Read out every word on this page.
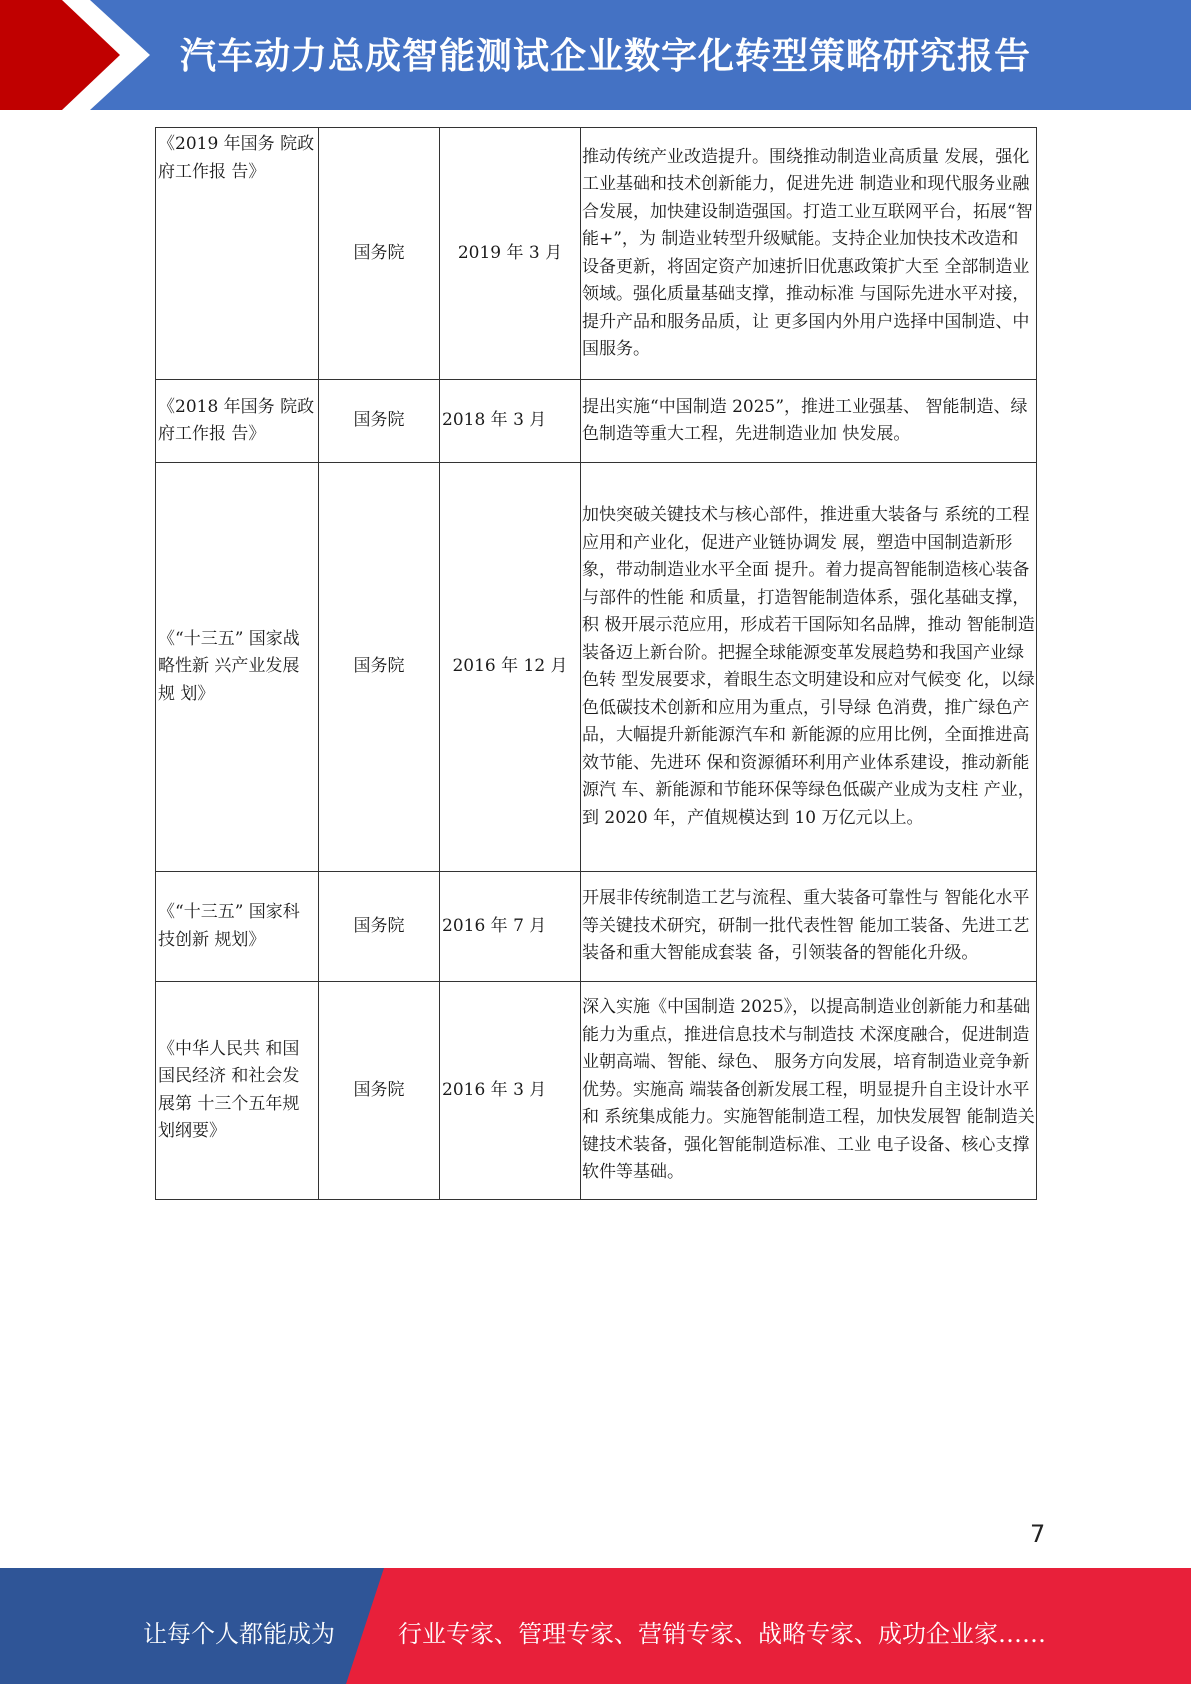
汽车动力总成智能测试企业数字化转型策略研究报告
《2019 年国务 院政府工作报 告》	国务院	2019 年 3 月	推动传统产业改造提升。围绕推动制造业高质量 发展，强化工业基础和技术创新能力，促进先进 制造业和现代服务业融合发展，加快建设制造强国。打造工业互联网平台，拓展“智能+”，为 制造业转型升级赋能。支持企业加快技术改造和 设备更新，将固定资产加速折旧优惠政策扩大至 全部制造业领域。强化质量基础支撑，推动标准 与国际先进水平对接，提升产品和服务品质，让 更多国内外用户选择中国制造、中国服务。
《2018 年国务 院政府工作报 告》	国务院	2018 年 3 月	提出实施“中国制造 2025”，推进工业强基、 智能制造、绿色制造等重大工程，先进制造业加 快发展。
《“十三五” 国家战略性新 兴产业发展规 划》	国务院	2016 年 12 月	加快突破关键技术与核心部件，推进重大装备与 系统的工程应用和产业化，促进产业链协调发 展，塑造中国制造新形象，带动制造业水平全面 提升。着力提高智能制造核心装备与部件的性能 和质量，打造智能制造体系，强化基础支撑，积 极开展示范应用，形成若干国际知名品牌，推动 智能制造装备迈上新台阶。把握全球能源变革发展趋势和我国产业绿色转 型发展要求，着眼生态文明建设和应对气候变 化，以绿色低碳技术创新和应用为重点，引导绿 色消费，推广绿色产品，大幅提升新能源汽车和 新能源的应用比例，全面推进高效节能、先进环 保和资源循环利用产业体系建设，推动新能源汽 车、新能源和节能环保等绿色低碳产业成为支柱 产业，到 2020 年，产值规模达到 10 万亿元以上。
《“十三五” 国家科技创新 规划》	国务院	2016 年 7 月	开展非传统制造工艺与流程、重大装备可靠性与 智能化水平等关键技术研究，研制一批代表性智 能加工装备、先进工艺装备和重大智能成套装 备，引领装备的智能化升级。
《中华人民共 和国国民经济 和社会发展第 十三个五年规 划纲要》	国务院	2016 年 3 月	深入实施《中国制造 2025》，以提高制造业创新能力和基础能力为重点，推进信息技术与制造技 术深度融合，促进制造业朝高端、智能、绿色、 服务方向发展，培育制造业竞争新优势。实施高 端装备创新发展工程，明显提升自主设计水平和 系统集成能力。实施智能制造工程，加快发展智 能制造关键技术装备，强化智能制造标准、工业 电子设备、核心支撑软件等基础。
7
让每个人都能成为	行业专家、管理专家、营销专家、战略专家、成功企业家……
